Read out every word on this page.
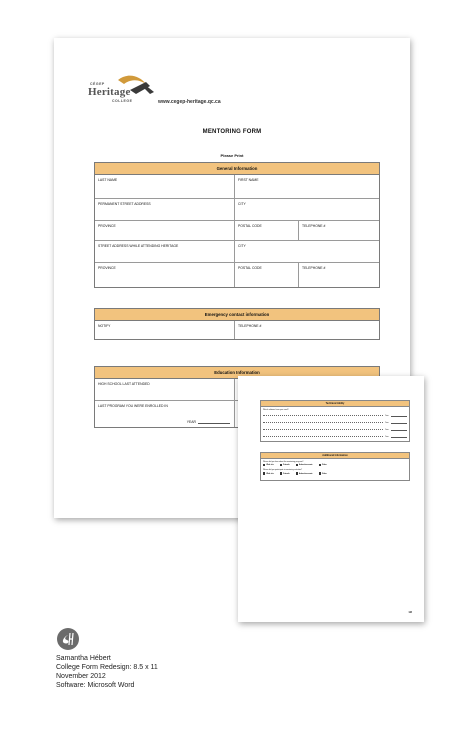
CÉGEP
Heritage
COLLEGE	www.cegep-heritage.qc.ca
MENTORING FORM
Please Print
General Information
LAST NAME	FIRST NAME
PERMANENT STREET ADDRESS	CITY
PROVINCE	POSTAL CODE	TELEPHONE #
STREET ADDRESS WHILE ATTENDING HERITAGE	CITY
PROVINCE	POSTAL CODE	TELEPHONE #
Emergency contact information
NOTIFY	TELEPHONE #
Education Information
HIGH SCHOOL LAST ATTENDED
LAST PROGRAM YOU WERE ENROLLED IN
YEAR

Technical Ability
Which software have you used?
Year
Year
Year
Year
Additional Information
Where did you hear about the mentoring program?
Web site	Friends	Advertisements	Other
Where did you participate in mentoring activities?
Web site	Friends	Advertisements	Other
1/2
Samantha Hébert
College Form Redesign: 8.5 x 11
November 2012
Software: Microsoft Word
